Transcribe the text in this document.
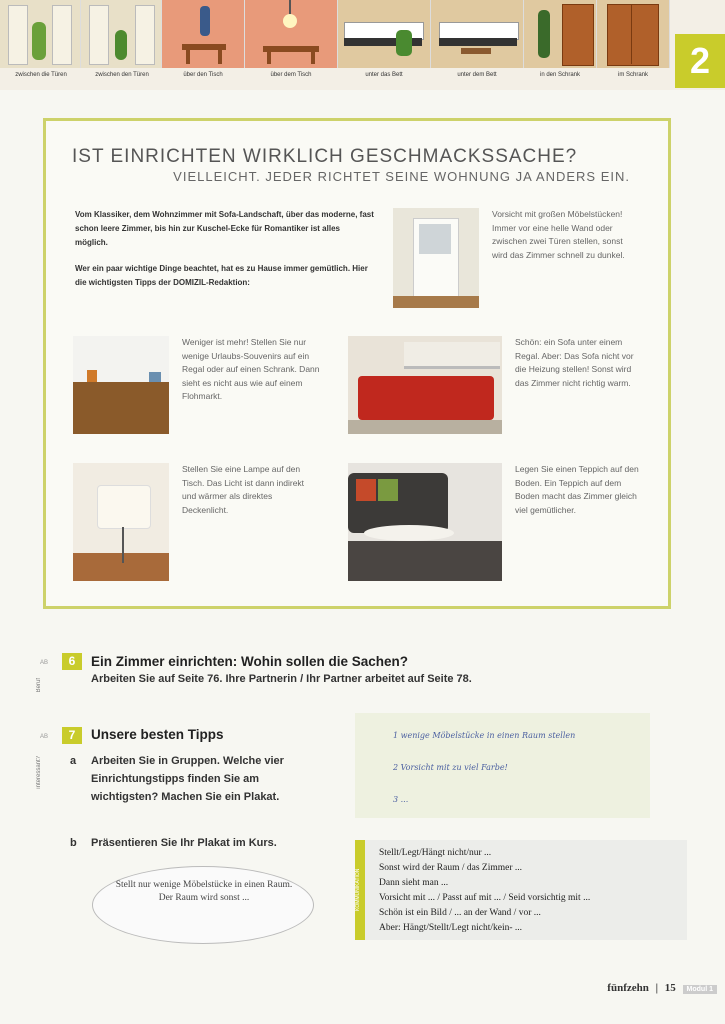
zwischen die Türen	zwischen den Türen	über den Tisch	über dem Tisch	unter das Bett	unter dem Bett	in den Schrank	im Schrank	2
IST EINRICHTEN WIRKLICH GESCHMACKSSACHE?
VIELLEICHT. JEDER RICHTET SEINE WOHNUNG JA ANDERS EIN.
Vom Klassiker, dem Wohnzimmer mit Sofa-Landschaft, über das moderne, fast schon leere Zimmer, bis hin zur Kuschel-Ecke für Romantiker ist alles möglich.
Wer ein paar wichtige Dinge beachtet, hat es zu Hause immer gemütlich. Hier die wichtigsten Tipps der DOMIZIL-Redaktion:
Vorsicht mit großen Möbelstücken! Immer vor eine helle Wand oder zwischen zwei Türen stellen, sonst wird das Zimmer schnell zu dunkel.
Weniger ist mehr! Stellen Sie nur wenige Urlaubs-Souvenirs auf ein Regal oder auf einen Schrank. Dann sieht es nicht aus wie auf einem Flohmarkt.
Schön: ein Sofa unter einem Regal. Aber: Das Sofa nicht vor die Heizung stellen! Sonst wird das Zimmer nicht richtig warm.
Stellen Sie eine Lampe auf den Tisch. Das Licht ist dann indirekt und wärmer als direktes Deckenlicht.
Legen Sie einen Teppich auf den Boden. Ein Teppich auf dem Boden macht das Zimmer gleich viel gemütlicher.
AB
Beruf
6	Ein Zimmer einrichten: Wohin sollen die Sachen?
Arbeiten Sie auf Seite 76. Ihre Partnerin / Ihr Partner arbeitet auf Seite 78.
AB
interessant?
7	Unsere besten Tipps
a Arbeiten Sie in Gruppen. Welche vier
Einrichtungstipps finden Sie am
wichtigsten? Machen Sie ein Plakat.
b Präsentieren Sie Ihr Plakat im Kurs.
1 wenige Möbelstücke in einen Raum stellen
2 Vorsicht mit zu viel Farbe!
3 ...
Stellt nur wenige Möbelstücke in einen Raum. Der Raum wird sonst ...	KOMMUNIKATION
Stellt/Legt/Hängt nicht/nur ...
Sonst wird der Raum / das Zimmer ...
Dann sieht man ...
Vorsicht mit ... / Passt auf mit ... / Seid vorsichtig mit ...
Schön ist ein Bild / ... an der Wand / vor ...
Aber: Hängt/Stellt/Legt nicht/kein- ...
fünfzehn | 15 Modul 1
